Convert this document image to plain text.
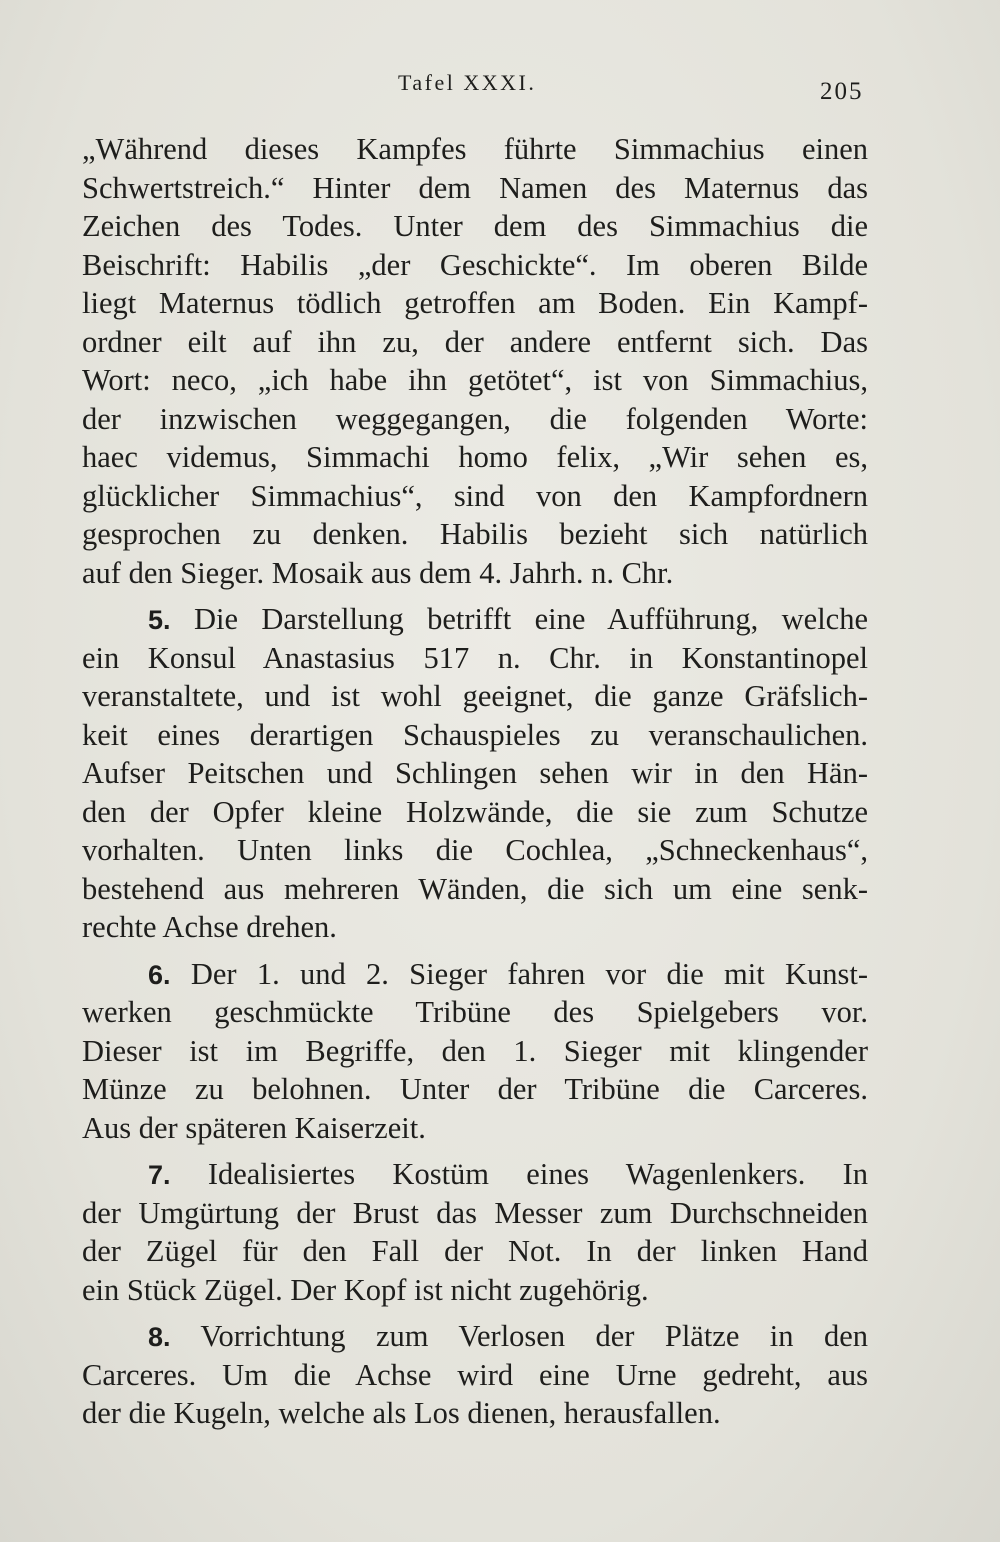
Tafel XXXI.	205
„Während dieses Kampfes führte Simmachius einen
Schwertstreich.“ Hinter dem Namen des Maternus das
Zeichen des Todes. Unter dem des Simmachius die
Beischrift: Habilis „der Geschickte“. Im oberen Bilde
liegt Maternus tödlich getroffen am Boden. Ein Kampf-
ordner eilt auf ihn zu, der andere entfernt sich. Das
Wort: neco, „ich habe ihn getötet“, ist von Simmachius,
der inzwischen weggegangen, die folgenden Worte:
haec videmus, Simmachi homo felix, „Wir sehen es,
glücklicher Simmachius“, sind von den Kampfordnern
gesprochen zu denken. Habilis bezieht sich natürlich
auf den Sieger. Mosaik aus dem 4. Jahrh. n. Chr.
5. Die Darstellung betrifft eine Aufführung, welche
ein Konsul Anastasius 517 n. Chr. in Konstantinopel
veranstaltete, und ist wohl geeignet, die ganze Gräfslich-
keit eines derartigen Schauspieles zu veranschaulichen.
Aufser Peitschen und Schlingen sehen wir in den Hän-
den der Opfer kleine Holzwände, die sie zum Schutze
vorhalten. Unten links die Cochlea, „Schneckenhaus“,
bestehend aus mehreren Wänden, die sich um eine senk-
rechte Achse drehen.
6. Der 1. und 2. Sieger fahren vor die mit Kunst-
werken geschmückte Tribüne des Spielgebers vor.
Dieser ist im Begriffe, den 1. Sieger mit klingender
Münze zu belohnen. Unter der Tribüne die Carceres.
Aus der späteren Kaiserzeit.
7. Idealisiertes Kostüm eines Wagenlenkers. In
der Umgürtung der Brust das Messer zum Durchschneiden
der Zügel für den Fall der Not. In der linken Hand
ein Stück Zügel. Der Kopf ist nicht zugehörig.
8. Vorrichtung zum Verlosen der Plätze in den
Carceres. Um die Achse wird eine Urne gedreht, aus
der die Kugeln, welche als Los dienen, herausfallen.
